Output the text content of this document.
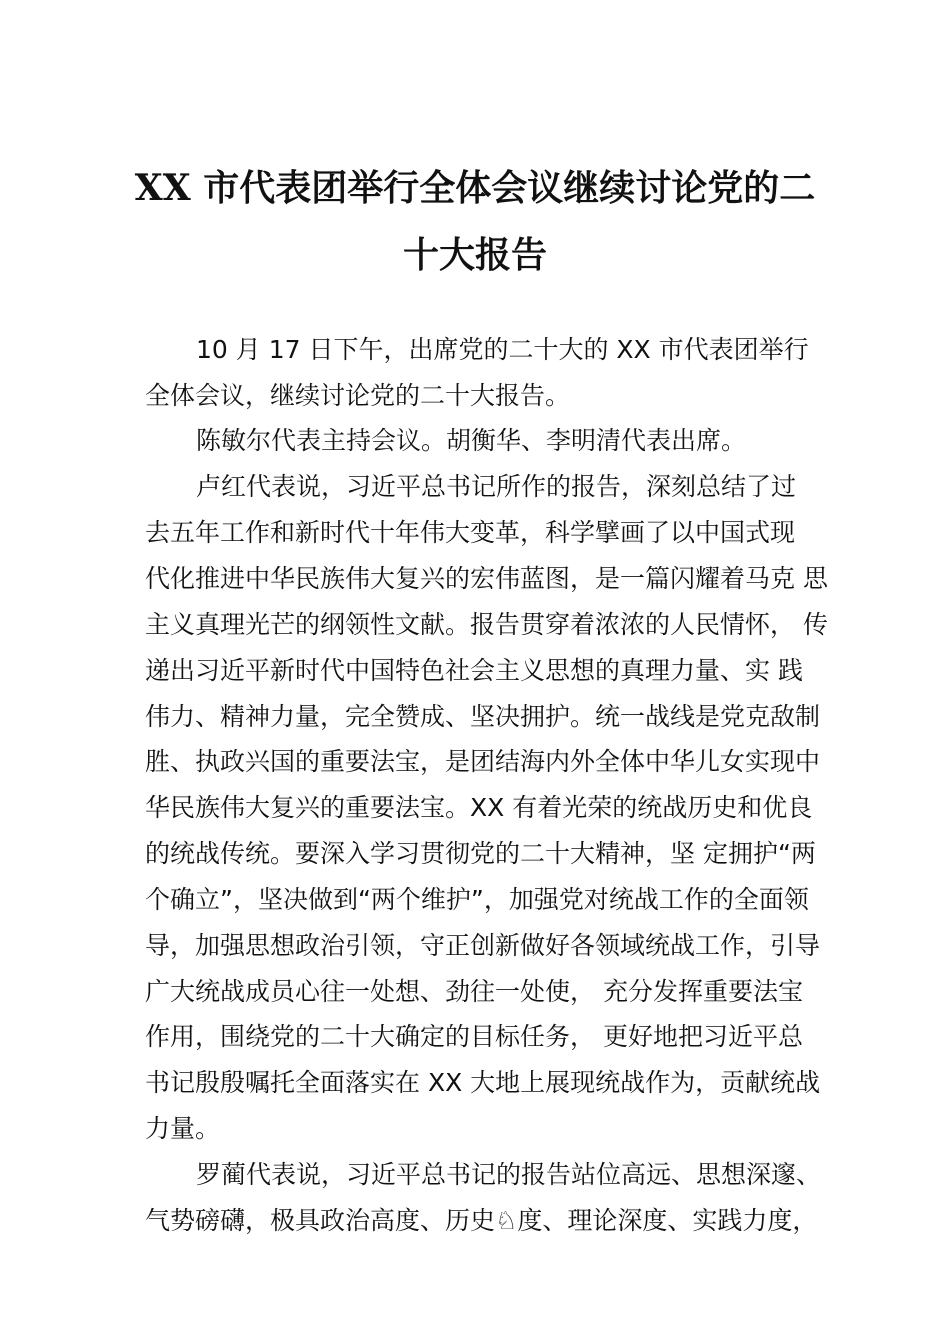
XX 市代表团举行全体会议继续讨论党的二
十大报告
10 月 17 日下午，出席党的二十大的 XX 市代表团举行
全体会议，继续讨论党的二十大报告。
陈敏尔代表主持会议。胡衡华、李明清代表出席。
卢红代表说，习近平总书记所作的报告，深刻总结了过
去五年工作和新时代十年伟大变革，科学擘画了以中国式现
代化推进中华民族伟大复兴的宏伟蓝图，是一篇闪耀着马克 思
主义真理光芒的纲领性文献。报告贯穿着浓浓的人民情怀， 传
递出习近平新时代中国特色社会主义思想的真理力量、实 践
伟力、精神力量，完全赞成、坚决拥护。统一战线是党克敌制
胜、执政兴国的重要法宝，是团结海内外全体中华儿女实现中
华民族伟大复兴的重要法宝。XX 有着光荣的统战历史和优良
的统战传统。要深入学习贯彻党的二十大精神，坚 定拥护“两
个确立”，坚决做到“两个维护”，加强党对统战工作的全面领
导，加强思想政治引领，守正创新做好各领域统战工作，引导
广大统战成员心往一处想、劲往一处使， 充分发挥重要法宝
作用，围绕党的二十大确定的目标任务， 更好地把习近平总
书记殷殷嘱托全面落实在 XX 大地上展现统战作为，贡献统战
力量。
罗蔺代表说，习近平总书记的报告站位高远、思想深邃、
气势磅礴，极具政治高度、历史♘度、理论深度、实践力度，
